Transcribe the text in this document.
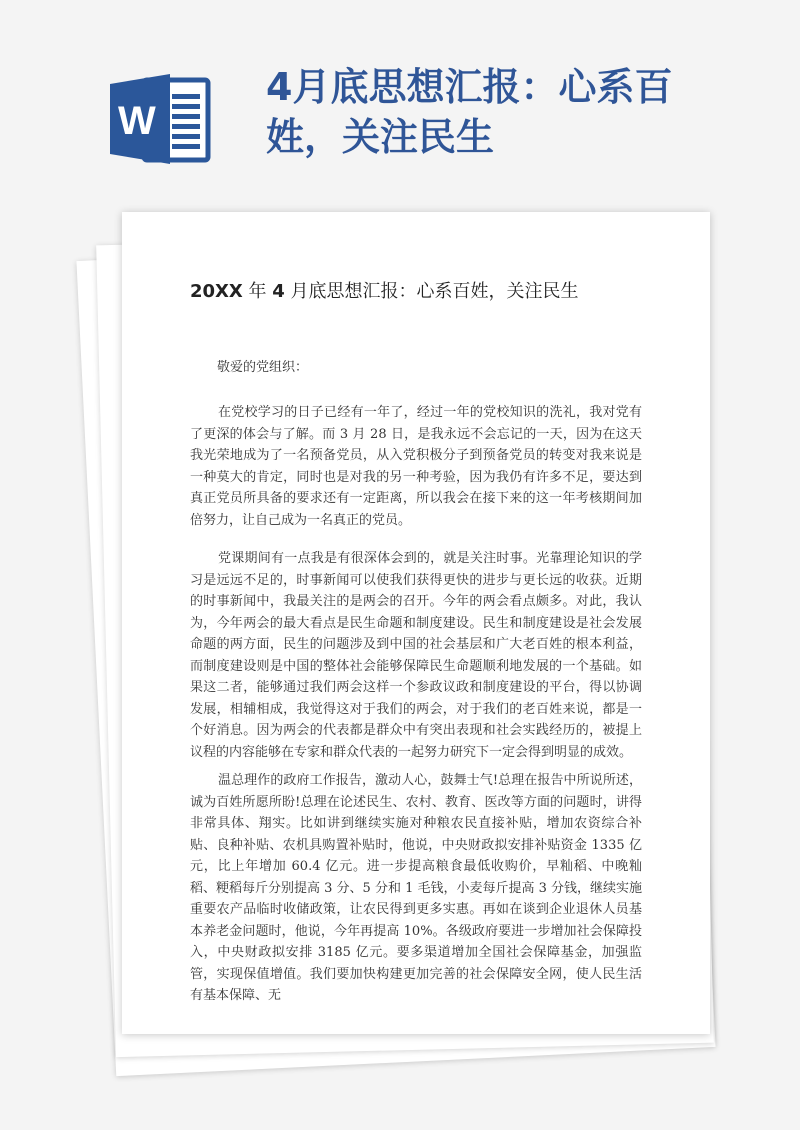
W
4月底思想汇报：心系百姓，关注民生
20XX 年 4 月底思想汇报：心系百姓，关注民生
敬爱的党组织：

在党校学习的日子已经有一年了，经过一年的党校知识的洗礼，我对党有了更深的体会与了解。而 3 月 28 日，是我永远不会忘记的一天，因为在这天我光荣地成为了一名预备党员，从入党积极分子到预备党员的转变对我来说是一种莫大的肯定，同时也是对我的另一种考验，因为我仍有许多不足，要达到真正党员所具备的要求还有一定距离，所以我会在接下来的这一年考核期间加倍努力，让自己成为一名真正的党员。

党课期间有一点我是有很深体会到的，就是关注时事。光靠理论知识的学习是远远不足的，时事新闻可以使我们获得更快的进步与更长远的收获。近期的时事新闻中，我最关注的是两会的召开。今年的两会看点颇多。对此，我认为，今年两会的最大看点是民生命题和制度建设。民生和制度建设是社会发展命题的两方面，民生的问题涉及到中国的社会基层和广大老百姓的根本利益，而制度建设则是中国的整体社会能够保障民生命题顺利地发展的一个基础。如果这二者，能够通过我们两会这样一个参政议政和制度建设的平台，得以协调发展，相辅相成，我觉得这对于我们的两会，对于我们的老百姓来说，都是一个好消息。因为两会的代表都是群众中有突出表现和社会实践经历的，被提上议程的内容能够在专家和群众代表的一起努力研究下一定会得到明显的成效。

温总理作的政府工作报告，激动人心，鼓舞士气!总理在报告中所说所述，诚为百姓所愿所盼!总理在论述民生、农村、教育、医改等方面的问题时，讲得非常具体、翔实。比如讲到继续实施对种粮农民直接补贴，增加农资综合补贴、良种补贴、农机具购置补贴时，他说，中央财政拟安排补贴资金 1335 亿元，比上年增加 60.4 亿元。进一步提高粮食最低收购价，早籼稻、中晚籼稻、粳稻每斤分别提高 3 分、5 分和 1 毛钱，小麦每斤提高 3 分钱，继续实施重要农产品临时收储政策，让农民得到更多实惠。再如在谈到企业退休人员基本养老金问题时，他说，今年再提高 10%。各级政府要进一步增加社会保障投入，中央财政拟安排 3185 亿元。要多渠道增加全国社会保障基金，加强监管，实现保值增值。我们要加快构建更加完善的社会保障安全网，使人民生活有基本保障、无
